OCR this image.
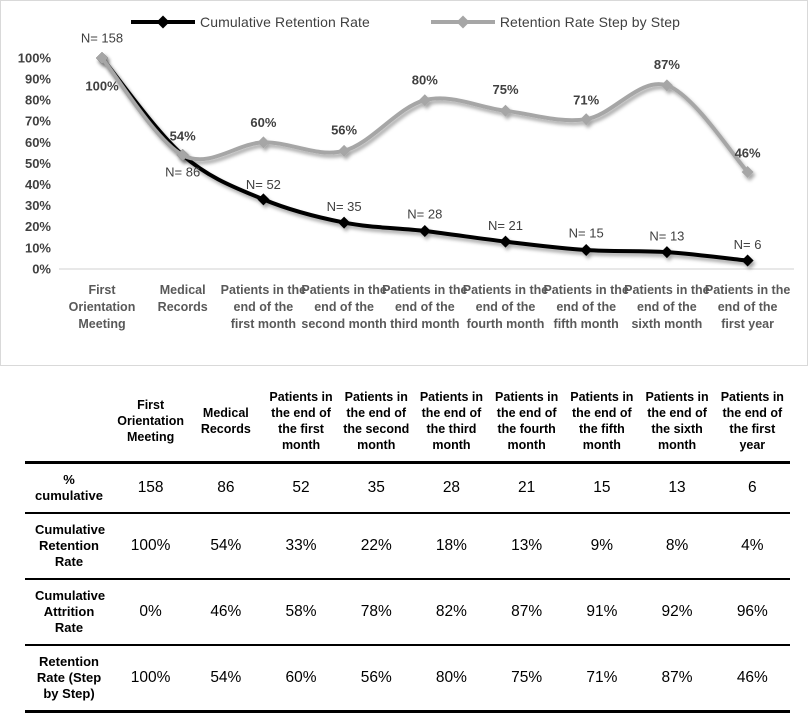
Cumulative Retention Rate	Retention Rate Step by Step
0%
10%
20%
30%
40%
50%
60%
70%
80%
90%
100%
N= 158
N= 86
N= 52
N= 35	N= 28
N= 21	N= 15	N= 13
N= 6
100%
54%
60%	56%
80%
75%
71%
87%
46%
First Orientation Meeting
Medical Records
Patients in the end of the first month
Patients in the end of the second month
Patients in the end of the third month
Patients in the end of the fourth month
Patients in the end of the fifth month
Patients in the end of the sixth month
Patients in the end of the first year
	First Orientation Meeting	Medical Records	Patients in the end of the first month	Patients in the end of the second month	Patients in the end of the third month	Patients in the end of the fourth month	Patients in the end of the fifth month	Patients in the end of the sixth month	Patients in the end of the first year
% cumulative	158	86	52	35	28	21	15	13	6
Cumulative Retention Rate	100%	54%	33%	22%	18%	13%	9%	8%	4%
Cumulative Attrition Rate	0%	46%	58%	78%	82%	87%	91%	92%	96%
Retention Rate (Step by Step)	100%	54%	60%	56%	80%	75%	71%	87%	46%
